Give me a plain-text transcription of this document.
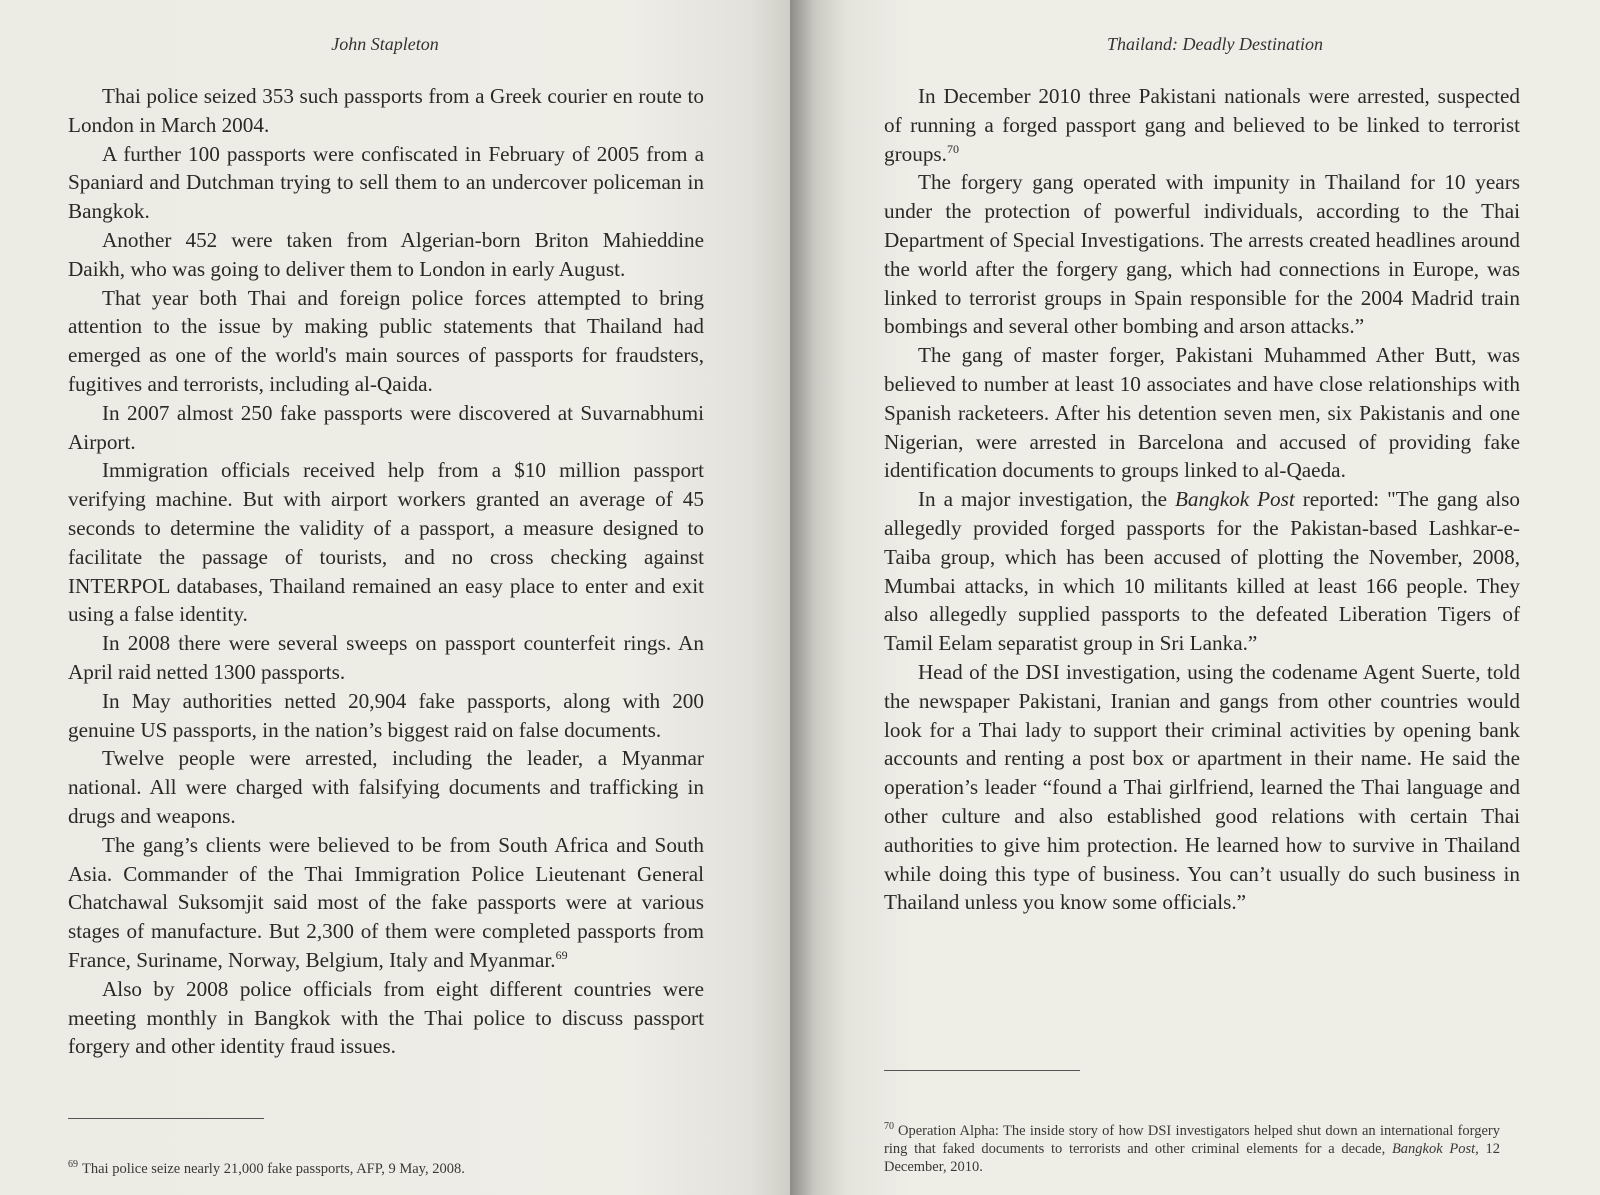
John Stapleton

Thai police seized 353 such passports from a Greek courier en route to London in March 2004.

A further 100 passports were confiscated in February of 2005 from a Spaniard and Dutchman trying to sell them to an undercover policeman in Bangkok.

Another 452 were taken from Algerian-born Briton Mahieddine Daikh, who was going to deliver them to London in early August.

That year both Thai and foreign police forces attempted to bring attention to the issue by making public statements that Thailand had emerged as one of the world's main sources of passports for fraudsters, fugitives and terrorists, including al-Qaida.

In 2007 almost 250 fake passports were discovered at Suvarnabhumi Airport.

Immigration officials received help from a $10 million passport verifying machine. But with airport workers granted an average of 45 seconds to determine the validity of a passport, a measure designed to facilitate the passage of tourists, and no cross checking against INTERPOL databases, Thailand remained an easy place to enter and exit using a false identity.

In 2008 there were several sweeps on passport counterfeit rings. An April raid netted 1300 passports.

In May authorities netted 20,904 fake passports, along with 200 genuine US passports, in the nation’s biggest raid on false documents.

Twelve people were arrested, including the leader, a Myanmar national. All were charged with falsifying documents and trafficking in drugs and weapons.

The gang’s clients were believed to be from South Africa and South Asia. Commander of the Thai Immigration Police Lieutenant General Chatchawal Suksomjit said most of the fake passports were at various stages of manufacture. But 2,300 of them were completed passports from France, Suriname, Norway, Belgium, Italy and Myanmar.$^{69}$

Also by 2008 police officials from eight different countries were meeting monthly in Bangkok with the Thai police to discuss passport forgery and other identity fraud issues.

$^{69}$ Thai police seize nearly 21,000 fake passports, AFP, 9 May, 2008.
Thailand: Deadly Destination

In December 2010 three Pakistani nationals were arrested, suspected of running a forged passport gang and believed to be linked to terrorist groups.$^{70}$

The forgery gang operated with impunity in Thailand for 10 years under the protection of powerful individuals, according to the Thai Department of Special Investigations. The arrests created headlines around the world after the forgery gang, which had connections in Europe, was linked to terrorist groups in Spain responsible for the 2004 Madrid train bombings and several other bombing and arson attacks.”

The gang of master forger, Pakistani Muhammed Ather Butt, was believed to number at least 10 associates and have close relationships with Spanish racketeers. After his detention seven men, six Pakistanis and one Nigerian, were arrested in Barcelona and accused of providing fake identification documents to groups linked to al-Qaeda.

In a major investigation, the Bangkok Post reported: "The gang also allegedly provided forged passports for the Pakistan-based Lashkar-e-Taiba group, which has been accused of plotting the November, 2008, Mumbai attacks, in which 10 militants killed at least 166 people. They also allegedly supplied passports to the defeated Liberation Tigers of Tamil Eelam separatist group in Sri Lanka.”

Head of the DSI investigation, using the codename Agent Suerte, told the newspaper Pakistani, Iranian and gangs from other countries would look for a Thai lady to support their criminal activities by opening bank accounts and renting a post box or apartment in their name. He said the operation’s leader “found a Thai girlfriend, learned the Thai language and other culture and also established good relations with certain Thai authorities to give him protection. He learned how to survive in Thailand while doing this type of business. You can’t usually do such business in Thailand unless you know some officials.”

$^{70}$ Operation Alpha: The inside story of how DSI investigators helped shut down an international forgery ring that faked documents to terrorists and other criminal elements for a decade, Bangkok Post, 12 December, 2010.
